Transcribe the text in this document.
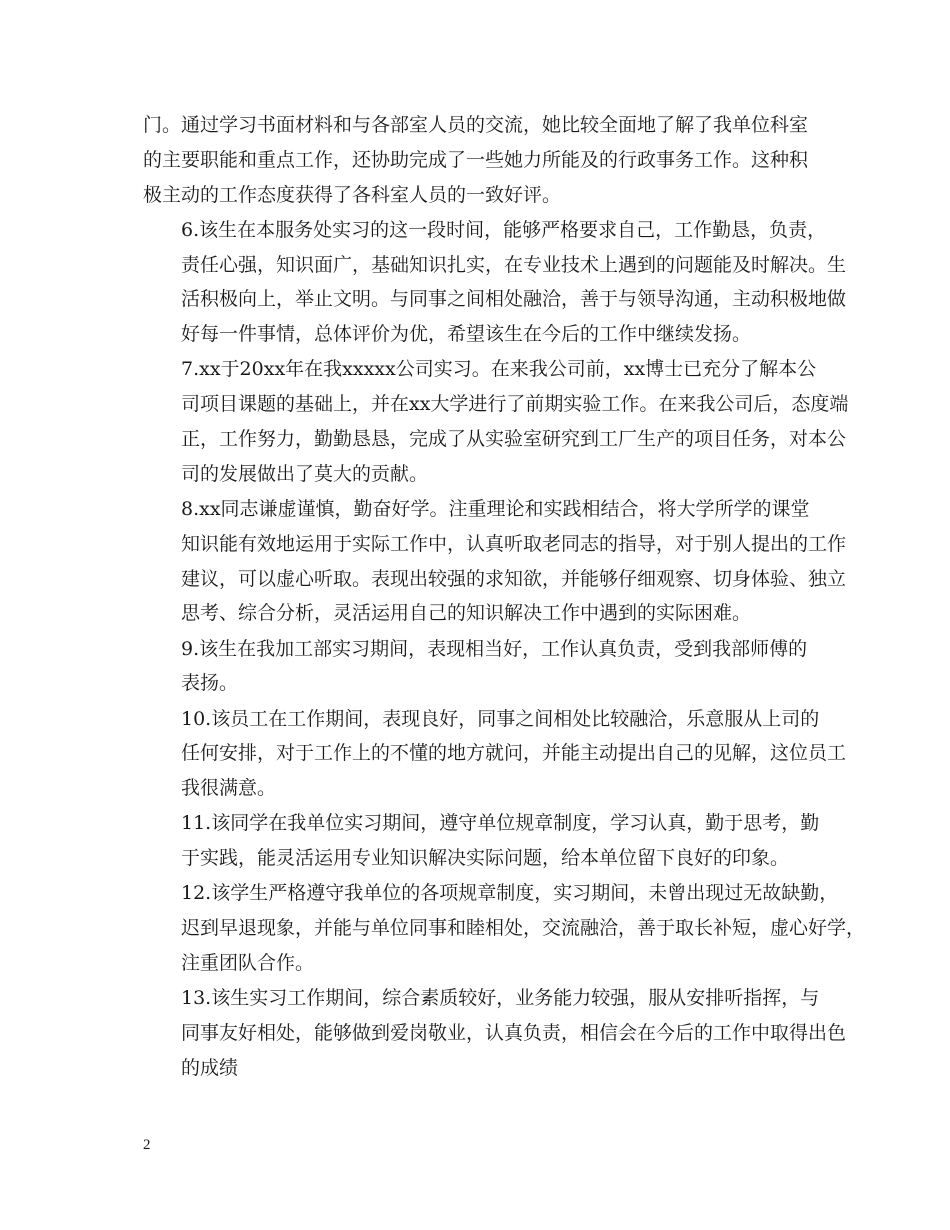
门。通过学习书面材料和与各部室人员的交流，她比较全面地了解了我单位科室
的主要职能和重点工作，还协助完成了一些她力所能及的行政事务工作。这种积
极主动的工作态度获得了各科室人员的一致好评。
6.该生在本服务处实习的这一段时间，能够严格要求自己，工作勤恳，负责，
责任心强，知识面广，基础知识扎实，在专业技术上遇到的问题能及时解决。生
活积极向上，举止文明。与同事之间相处融洽，善于与领导沟通，主动积极地做
好每一件事情，总体评价为优，希望该生在今后的工作中继续发扬。
7.xx于20xx年在我xxxxx公司实习。在来我公司前，xx博士已充分了解本公
司项目课题的基础上，并在xx大学进行了前期实验工作。在来我公司后，态度端
正，工作努力，勤勤恳恳，完成了从实验室研究到工厂生产的项目任务，对本公
司的发展做出了莫大的贡献。
8.xx同志谦虚谨慎，勤奋好学。注重理论和实践相结合，将大学所学的课堂
知识能有效地运用于实际工作中，认真听取老同志的指导，对于别人提出的工作
建议，可以虚心听取。表现出较强的求知欲，并能够仔细观察、切身体验、独立
思考、综合分析，灵活运用自己的知识解决工作中遇到的实际困难。
9.该生在我加工部实习期间，表现相当好，工作认真负责，受到我部师傅的
表扬。
10.该员工在工作期间，表现良好，同事之间相处比较融洽，乐意服从上司的
任何安排，对于工作上的不懂的地方就问，并能主动提出自己的见解，这位员工
我很满意。
11.该同学在我单位实习期间，遵守单位规章制度，学习认真，勤于思考，勤
于实践，能灵活运用专业知识解决实际问题，给本单位留下良好的印象。
12.该学生严格遵守我单位的各项规章制度，实习期间，未曾出现过无故缺勤，
迟到早退现象，并能与单位同事和睦相处，交流融洽，善于取长补短，虚心好学，
注重团队合作。
13.该生实习工作期间，综合素质较好，业务能力较强，服从安排听指挥，与
同事友好相处，能够做到爱岗敬业，认真负责，相信会在今后的工作中取得出色
的成绩
2
